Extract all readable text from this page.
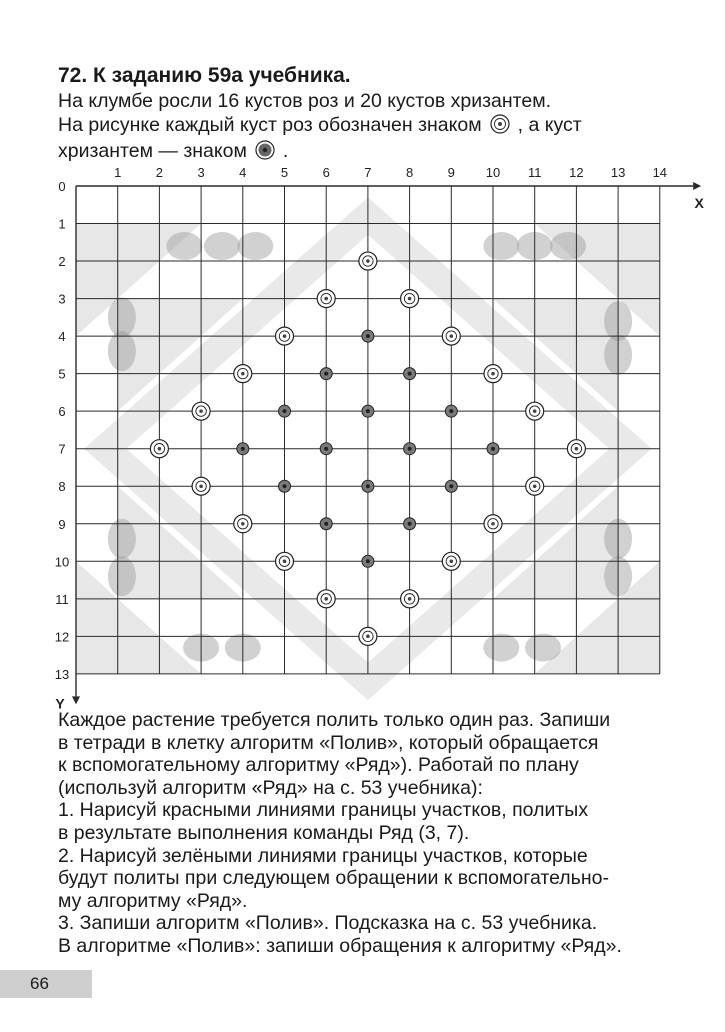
72. К заданию 59а учебника.
На клумбе росли 16 кустов роз и 20 кустов хризантем.
На рисунке каждый куст роз обозначен знаком , а куст
хризантем — знаком .
1	2	3	4	5	6	7	8	9 10 11 12 13 14
1
2
3
4
5
6
7
8
9
10
11
12
13
0
X
Y
Каждое растение требуется полить только один раз. Запиши
в тетради в клетку алгоритм «Полив», который обращается
к вспомогательному алгоритму «Ряд»). Работай по плану
(используй алгоритм «Ряд» на с. 53 учебника):
1. Нарисуй красными линиями границы участков, политых
в результате выполнения команды Ряд (3, 7).
2. Нарисуй зелёными линиями границы участков, которые
будут политы при следующем обращении к вспомогательно-
му алгоритму «Ряд».
3. Запиши алгоритм «Полив». Подсказка на с. 53 учебника.
В алгоритме «Полив»: запиши обращения к алгоритму «Ряд».
66
